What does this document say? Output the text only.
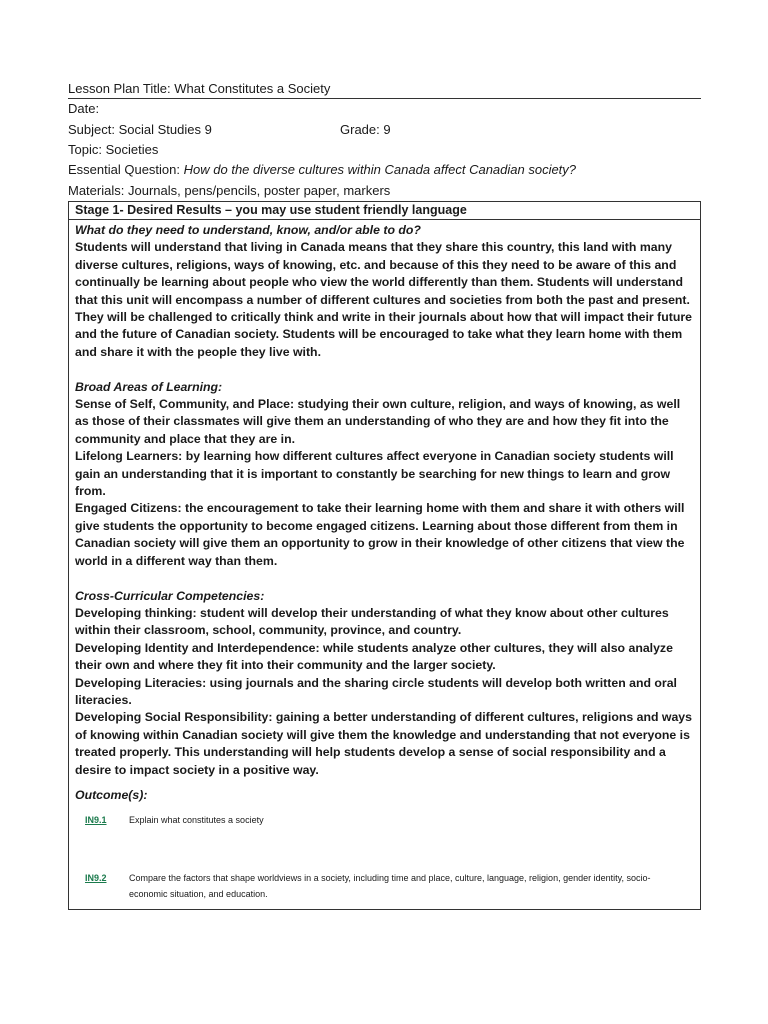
Lesson Plan Title: What Constitutes a Society
Date:
Subject: Social Studies 9	Grade: 9
Topic: Societies
Essential Question: How do the diverse cultures within Canada affect Canadian society?
Materials: Journals, pens/pencils, poster paper, markers
Stage 1- Desired Results – you may use student friendly language

What do they need to understand, know, and/or able to do?

Students will understand that living in Canada means that they share this country, this land with many diverse cultures, religions, ways of knowing, etc. and because of this they need to be aware of this and continually be learning about people who view the world differently than them. Students will understand that this unit will encompass a number of different cultures and societies from both the past and present. They will be challenged to critically think and write in their journals about how that will impact their future and the future of Canadian society. Students will be encouraged to take what they learn home with them and share it with the people they live with.

Broad Areas of Learning:

Sense of Self, Community, and Place: studying their own culture, religion, and ways of knowing, as well as those of their classmates will give them an understanding of who they are and how they fit into the community and place that they are in.

Lifelong Learners: by learning how different cultures affect everyone in Canadian society students will gain an understanding that it is important to constantly be searching for new things to learn and grow from.

Engaged Citizens: the encouragement to take their learning home with them and share it with others will give students the opportunity to become engaged citizens. Learning about those different from them in Canadian society will give them an opportunity to grow in their knowledge of other citizens that view the world in a different way than them.

Cross-Curricular Competencies:

Developing thinking: student will develop their understanding of what they know about other cultures within their classroom, school, community, province, and country.

Developing Identity and Interdependence: while students analyze other cultures, they will also analyze their own and where they fit into their community and the larger society.

Developing Literacies: using journals and the sharing circle students will develop both written and oral literacies.

Developing Social Responsibility: gaining a better understanding of different cultures, religions and ways of knowing within Canadian society will give them the knowledge and understanding that not everyone is treated properly. This understanding will help students develop a sense of social responsibility and a desire to impact society in a positive way.

Outcome(s):

IN9.1	Explain what constitutes a society
IN9.2	Compare the factors that shape worldviews in a society, including time and place, culture, language, religion, gender identity, socio-economic situation, and education.
